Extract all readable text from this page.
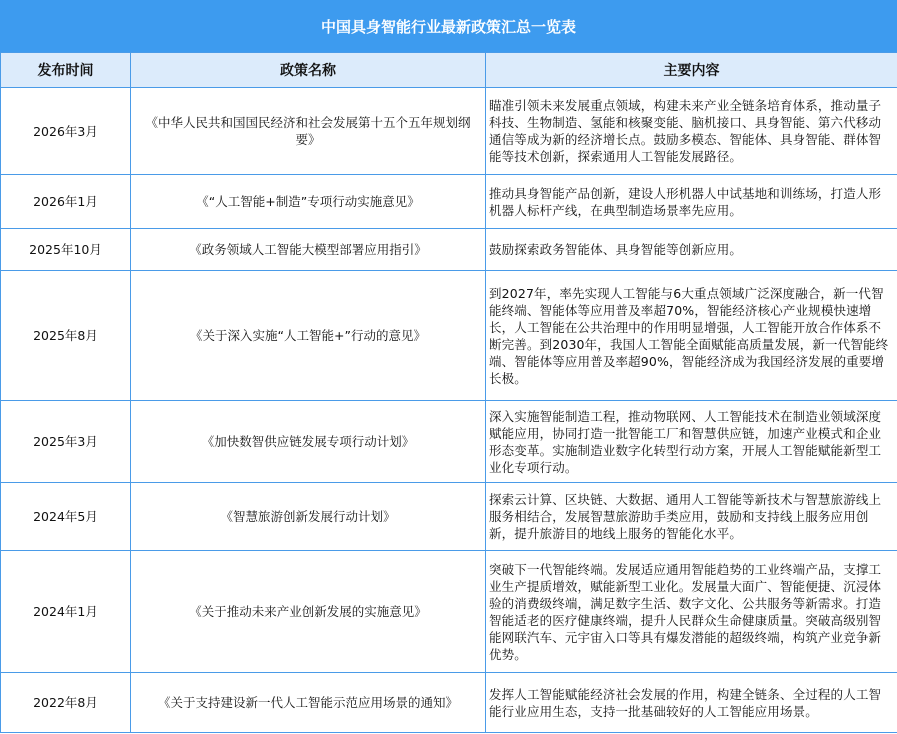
中国具身智能行业最新政策汇总一览表
发布时间	政策名称	主要内容
2026年3月	《中华人民共和国国民经济和社会发展第十五个五年规划纲要》	瞄准引领未来发展重点领域，构建未来产业全链条培育体系，推动量子科技、生物制造、氢能和核聚变能、脑机接口、具身智能、第六代移动通信等成为新的经济增长点。鼓励多模态、智能体、具身智能、群体智能等技术创新，探索通用人工智能发展路径。
2026年1月	《“人工智能+制造”专项行动实施意见》	推动具身智能产品创新，建设人形机器人中试基地和训练场，打造人形机器人标杆产线，在典型制造场景率先应用。
2025年10月	《政务领域人工智能大模型部署应用指引》	鼓励探索政务智能体、具身智能等创新应用。
2025年8月	《关于深入实施“人工智能+”行动的意见》	到2027年，率先实现人工智能与6大重点领域广泛深度融合，新一代智能终端、智能体等应用普及率超70%，智能经济核心产业规模快速增长，人工智能在公共治理中的作用明显增强，人工智能开放合作体系不断完善。到2030年，我国人工智能全面赋能高质量发展，新一代智能终端、智能体等应用普及率超90%，智能经济成为我国经济发展的重要增长极。
2025年3月	《加快数智供应链发展专项行动计划》	深入实施智能制造工程，推动物联网、人工智能技术在制造业领域深度赋能应用，协同打造一批智能工厂和智慧供应链，加速产业模式和企业形态变革。实施制造业数字化转型行动方案，开展人工智能赋能新型工业化专项行动。
2024年5月	《智慧旅游创新发展行动计划》	探索云计算、区块链、大数据、通用人工智能等新技术与智慧旅游线上服务相结合，发展智慧旅游助手类应用，鼓励和支持线上服务应用创新，提升旅游目的地线上服务的智能化水平。
2024年1月	《关于推动未来产业创新发展的实施意见》	突破下一代智能终端。发展适应通用智能趋势的工业终端产品，支撑工业生产提质增效，赋能新型工业化。发展量大面广、智能便捷、沉浸体验的消费级终端，满足数字生活、数字文化、公共服务等新需求。打造智能适老的医疗健康终端，提升人民群众生命健康质量。突破高级别智能网联汽车、元宇宙入口等具有爆发潜能的超级终端，构筑产业竞争新优势。
2022年8月	《关于支持建设新一代人工智能示范应用场景的通知》	发挥人工智能赋能经济社会发展的作用，构建全链条、全过程的人工智能行业应用生态，支持一批基础较好的人工智能应用场景。
